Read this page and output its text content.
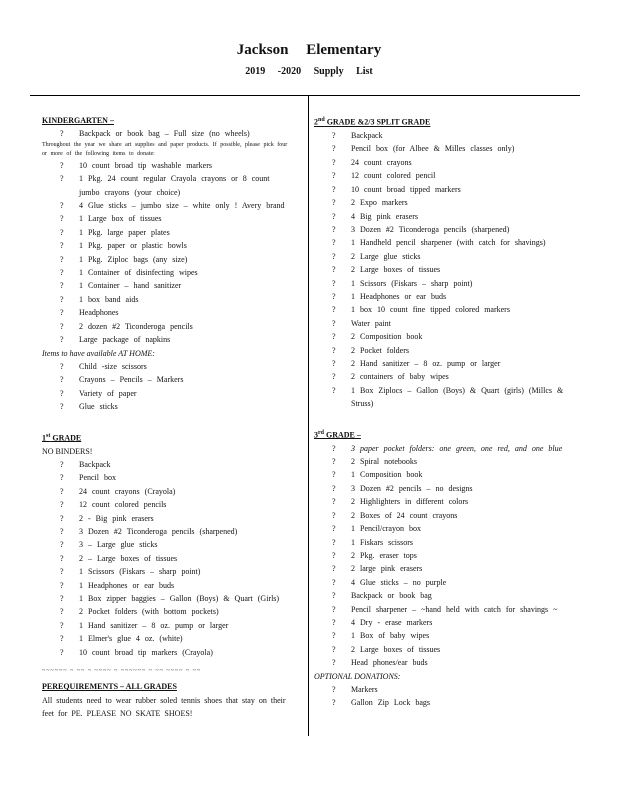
Jackson Elementary
2019 -2020 Supply List
KINDERGARTEN –
? Backpack or book bag – Full size (no wheels)
Throughout the year we share art supplies and paper products. If possible, please pick four or more of the following items to donate:
? 10 count broad tip washable markers
? 1 Pkg. 24 count regular Crayola crayons or 8 count jumbo crayons (your choice)
? 4 Glue sticks – jumbo size – white only ! Avery brand
? 1 Large box of tissues
? 1 Pkg. large paper plates
? 1 Pkg. paper or plastic bowls
? 1 Pkg. Ziploc bags (any size)
? 1 Container of disinfecting wipes
? 1 Container – hand sanitizer
? 1 box band aids
? Headphones
? 2 dozen #2 Ticonderoga pencils
? Large package of napkins
Items to have available AT HOME:
? Child -size scissors
? Crayons – Pencils – Markers
? Variety of paper
? Glue sticks
1st GRADE
NO BINDERS!
? Backpack
? Pencil box
? 24 count crayons (Crayola)
? 12 count colored pencils
? 2 - Big pink erasers
? 3 Dozen #2 Ticonderoga pencils (sharpened)
? 3 – Large glue sticks
? 2 – Large boxes of tissues
? 1 Scissors (Fiskars – sharp point)
? 1 Headphones or ear buds
? 1 Box zipper baggies – Gallon (Boys) & Quart (Girls)
? 2 Pocket folders (with bottom pockets)
? 1 Hand sanitizer – 8 oz. pump or larger
? 1 Elmer's glue 4 oz. (white)
? 10 count broad tip markers (Crayola)
~~~~~~ ~ ~~ ~ ~~~~ ~ ~~~~~~ ~ ~~ ~~~~ ~ ~~
PEREQUIREMENTS – ALL GRADES
All students need to wear rubber soled tennis shoes that stay on their feet for PE. PLEASE NO SKATE SHOES!
2nd GRADE &2/3 SPLIT GRADE
? Backpack
? Pencil box (for Albee & Milles classes only)
? 24 count crayons
? 12 count colored pencil
? 10 count broad tipped markers
? 2 Expo markers
? 4 Big pink erasers
? 3 Dozen #2 Ticonderoga pencils (sharpened)
? 1 Handheld pencil sharpener (with catch for shavings)
? 2 Large glue sticks
? 2 Large boxes of tissues
? 1 Scissors (Fiskars – sharp point)
? 1 Headphones or ear buds
? 1 box 10 count fine tipped colored markers
? Water paint
? 2 Composition book
? 2 Pocket folders
? 2 Hand sanitizer – 8 oz. pump or larger
? 2 containers of baby wipes
? 1 Box Ziplocs – Gallon (Boys) & Quart (girls) (Millcs & Struss)
3rd GRADE –
? 3 paper pocket folders: one green, one red, and one blue
? 2 Spiral notebooks
? 1 Composition book
? 3 Dozen #2 pencils – no designs
? 2 Highlighters in different colors
? 2 Boxes of 24 count crayons
? 1 Pencil/crayon box
? 1 Fiskars scissors
? 2 Pkg. eraser tops
? 2 large pink erasers
? 4 Glue sticks – no purple
? Backpack or book bag
? Pencil sharpener – ~hand held with catch for shavings ~
? 4 Dry - erase markers
? 1 Box of baby wipes
? 2 Large boxes of tissues
? Head phones/ear buds
OPTIONAL DONATIONS:
? Markers
? Gallon Zip Lock bags
